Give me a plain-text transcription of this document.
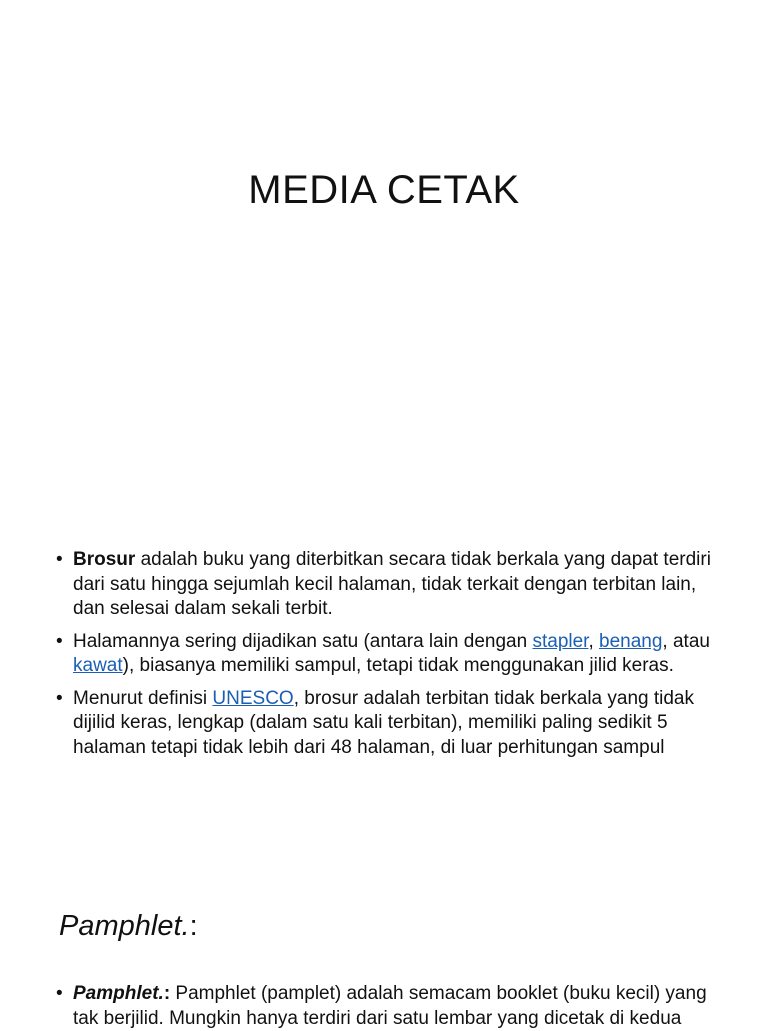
MEDIA CETAK
• Brosur adalah buku yang diterbitkan secara tidak berkala yang dapat terdiri dari satu hingga sejumlah kecil halaman, tidak terkait dengan terbitan lain, dan selesai dalam sekali terbit.
• Halamannya sering dijadikan satu (antara lain dengan stapler, benang, atau kawat), biasanya memiliki sampul, tetapi tidak menggunakan jilid keras.
• Menurut definisi UNESCO, brosur adalah terbitan tidak berkala yang tidak dijilid keras, lengkap (dalam satu kali terbitan), memiliki paling sedikit 5 halaman tetapi tidak lebih dari 48 halaman, di luar perhitungan sampul
Pamphlet.:
• Pamphlet.: Pamphlet (pamplet) adalah semacam booklet (buku kecil) yang tak berjilid. Mungkin hanya terdiri dari satu lembar yang dicetak di kedua
